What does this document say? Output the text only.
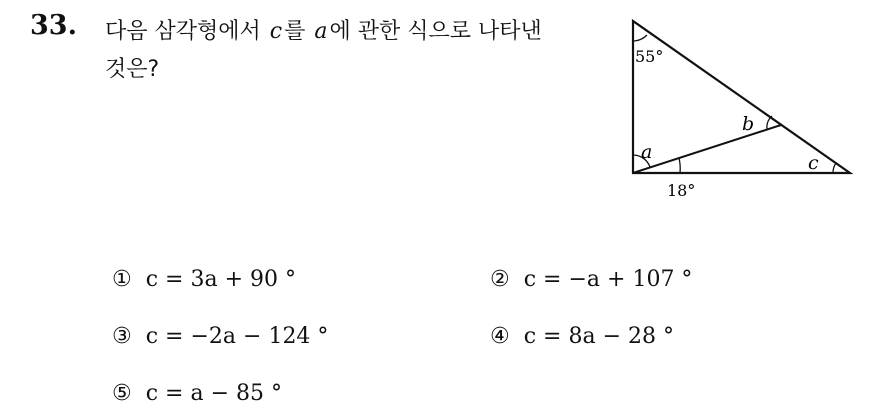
33. 다음 삼각형에서 c를 a에 관한 식으로 나타낸
것은?
55°
a
b
c
18°
① c = 3a + 90 °	② c = −a + 107 °
③ c = −2a − 124 °	④ c = 8a − 28 °
⑤ c = a − 85 °
